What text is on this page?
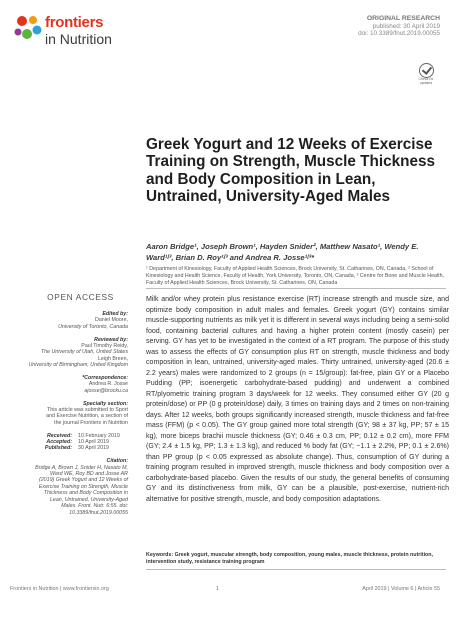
frontiers
in Nutrition
ORIGINAL RESEARCH
published: 30 April 2019
doi: 10.3389/fnut.2019.00055
Check for updates
Greek Yogurt and 12 Weeks of Exercise Training on Strength, Muscle Thickness and Body Composition in Lean, Untrained, University-Aged Males
Aaron Bridge¹, Joseph Brown¹, Hayden Snider², Matthew Nasato¹, Wendy E. Ward¹ʲ³, Brian D. Roy¹ʲ³ and Andrea R. Josse¹ʲ³*
¹ Department of Kinesiology, Faculty of Applied Health Sciences, Brock University, St. Catharines, ON, Canada, ² School of Kinesiology and Health Science, Faculty of Health, York University, Toronto, ON, Canada, ³ Centre for Bone and Muscle Health, Faculty of Applied Health Sciences, Brock University, St. Catharines, ON, Canada
OPEN ACCESS
Edited by:
Daniel Moore,
University of Toronto, Canada
Reviewed by:
Paul Timothy Reidy,
The University of Utah, United States
Leigh Breen,
University of Birmingham, United Kingdom
*Correspondence:
Andrea R. Josse
ajosse@brocku.ca
Specialty section:
This article was submitted to Sport and Exercise Nutrition, a section of the journal Frontiers in Nutrition
Received: 10 February 2019
Accepted: 10 April 2019
Published: 30 April 2019
Citation:
Bridge A, Brown J, Snider H, Nasato M, Ward WE, Roy BD and Josse AR (2019) Greek Yogurt and 12 Weeks of Exercise Training on Strength, Muscle Thickness and Body Composition in Lean, Untrained, University-Aged Males. Front. Nutr. 6:55. doi: 10.3389/fnut.2019.00055

Milk and/or whey protein plus resistance exercise (RT) increase strength and muscle size, and optimize body composition in adult males and females. Greek yogurt (GY) contains similar muscle-supporting nutrients as milk yet it is different in several ways including being a semi-solid food, containing bacterial cultures and having a higher protein content (mostly casein) per serving. GY has yet to be investigated in the context of a RT program. The purpose of this study was to assess the effects of GY consumption plus RT on strength, muscle thickness and body composition in lean, untrained, university-aged males. Thirty untrained, university-aged (20.6 ± 2.2 years) males were randomized to 2 groups (n = 15/group): fat-free, plain GY or a Placebo Pudding (PP; isoenergetic carbohydrate-based pudding) and underwent a combined RT/plyometric training program 3 days/week for 12 weeks. They consumed either GY (20 g protein/dose) or PP (0 g protein/dose) daily, 3 times on training days and 2 times on non-training days. After 12 weeks, both groups significantly increased strength, muscle thickness and fat-free mass (FFM) (p < 0.05). The GY group gained more total strength (GY; 98 ± 37 kg, PP; 57 ± 15 kg), more biceps brachii muscle thickness (GY; 0.46 ± 0.3 cm, PP; 0.12 ± 0.2 cm), more FFM (GY; 2.4 ± 1.5 kg, PP; 1.3 ± 1.3 kg), and reduced % body fat (GY; −1.1 ± 2.2%, PP; 0.1 ± 2.6%) than PP group (p < 0.05 expressed as absolute change). Thus, consumption of GY during a training program resulted in improved strength, muscle thickness and body composition over a carbohydrate-based placebo. Given the results of our study, the general benefits of consuming GY and its distinctiveness from milk, GY can be a plausible, post-exercise, nutrient-rich alternative for positive strength, muscle, and body composition adaptations.

Keywords: Greek yogurt, muscular strength, body composition, young males, muscle thickness, protein nutrition, intervention study, resistance training program
Frontiers in Nutrition | www.frontiersin.org	1	April 2019 | Volume 6 | Article 55
